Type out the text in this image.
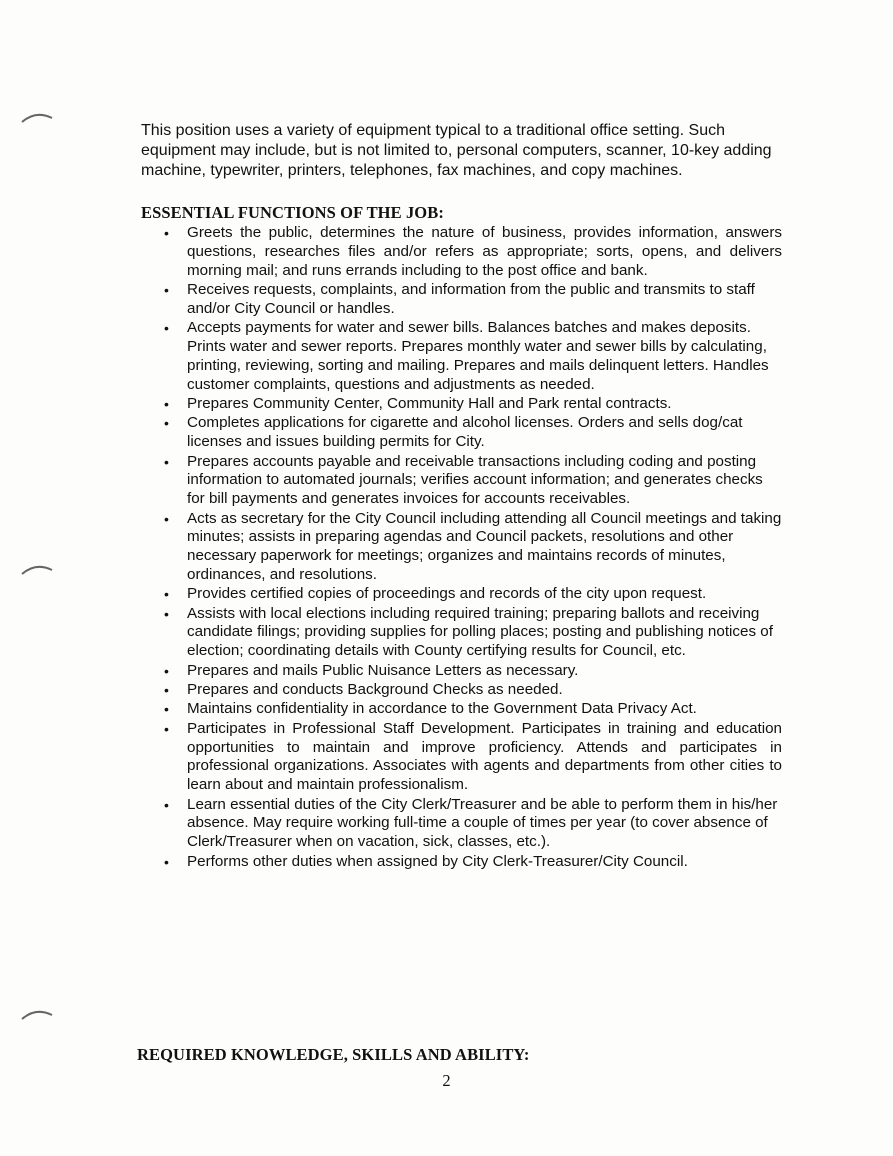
This position uses a variety of equipment typical to a traditional office setting. Such equipment may include, but is not limited to, personal computers, scanner, 10-key adding machine, typewriter, printers, telephones, fax machines, and copy machines.

ESSENTIAL FUNCTIONS OF THE JOB:
• Greets the public, determines the nature of business, provides information, answers questions, researches files and/or refers as appropriate; sorts, opens, and delivers morning mail; and runs errands including to the post office and bank.
• Receives requests, complaints, and information from the public and transmits to staff and/or City Council or handles.
• Accepts payments for water and sewer bills. Balances batches and makes deposits. Prints water and sewer reports. Prepares monthly water and sewer bills by calculating, printing, reviewing, sorting and mailing. Prepares and mails delinquent letters. Handles customer complaints, questions and adjustments as needed.
• Prepares Community Center, Community Hall and Park rental contracts.
• Completes applications for cigarette and alcohol licenses. Orders and sells dog/cat licenses and issues building permits for City.
• Prepares accounts payable and receivable transactions including coding and posting information to automated journals; verifies account information; and generates checks for bill payments and generates invoices for accounts receivables.
• Acts as secretary for the City Council including attending all Council meetings and taking minutes; assists in preparing agendas and Council packets, resolutions and other necessary paperwork for meetings; organizes and maintains records of minutes, ordinances, and resolutions.
• Provides certified copies of proceedings and records of the city upon request.
• Assists with local elections including required training; preparing ballots and receiving candidate filings; providing supplies for polling places; posting and publishing notices of election; coordinating details with County certifying results for Council, etc.
• Prepares and mails Public Nuisance Letters as necessary.
• Prepares and conducts Background Checks as needed.
• Maintains confidentiality in accordance to the Government Data Privacy Act.
• Participates in Professional Staff Development. Participates in training and education opportunities to maintain and improve proficiency. Attends and participates in professional organizations. Associates with agents and departments from other cities to learn about and maintain professionalism.
• Learn essential duties of the City Clerk/Treasurer and be able to perform them in his/her absence. May require working full-time a couple of times per year (to cover absence of Clerk/Treasurer when on vacation, sick, classes, etc.).
• Performs other duties when assigned by City Clerk-Treasurer/City Council.
REQUIRED KNOWLEDGE, SKILLS AND ABILITY:
2
